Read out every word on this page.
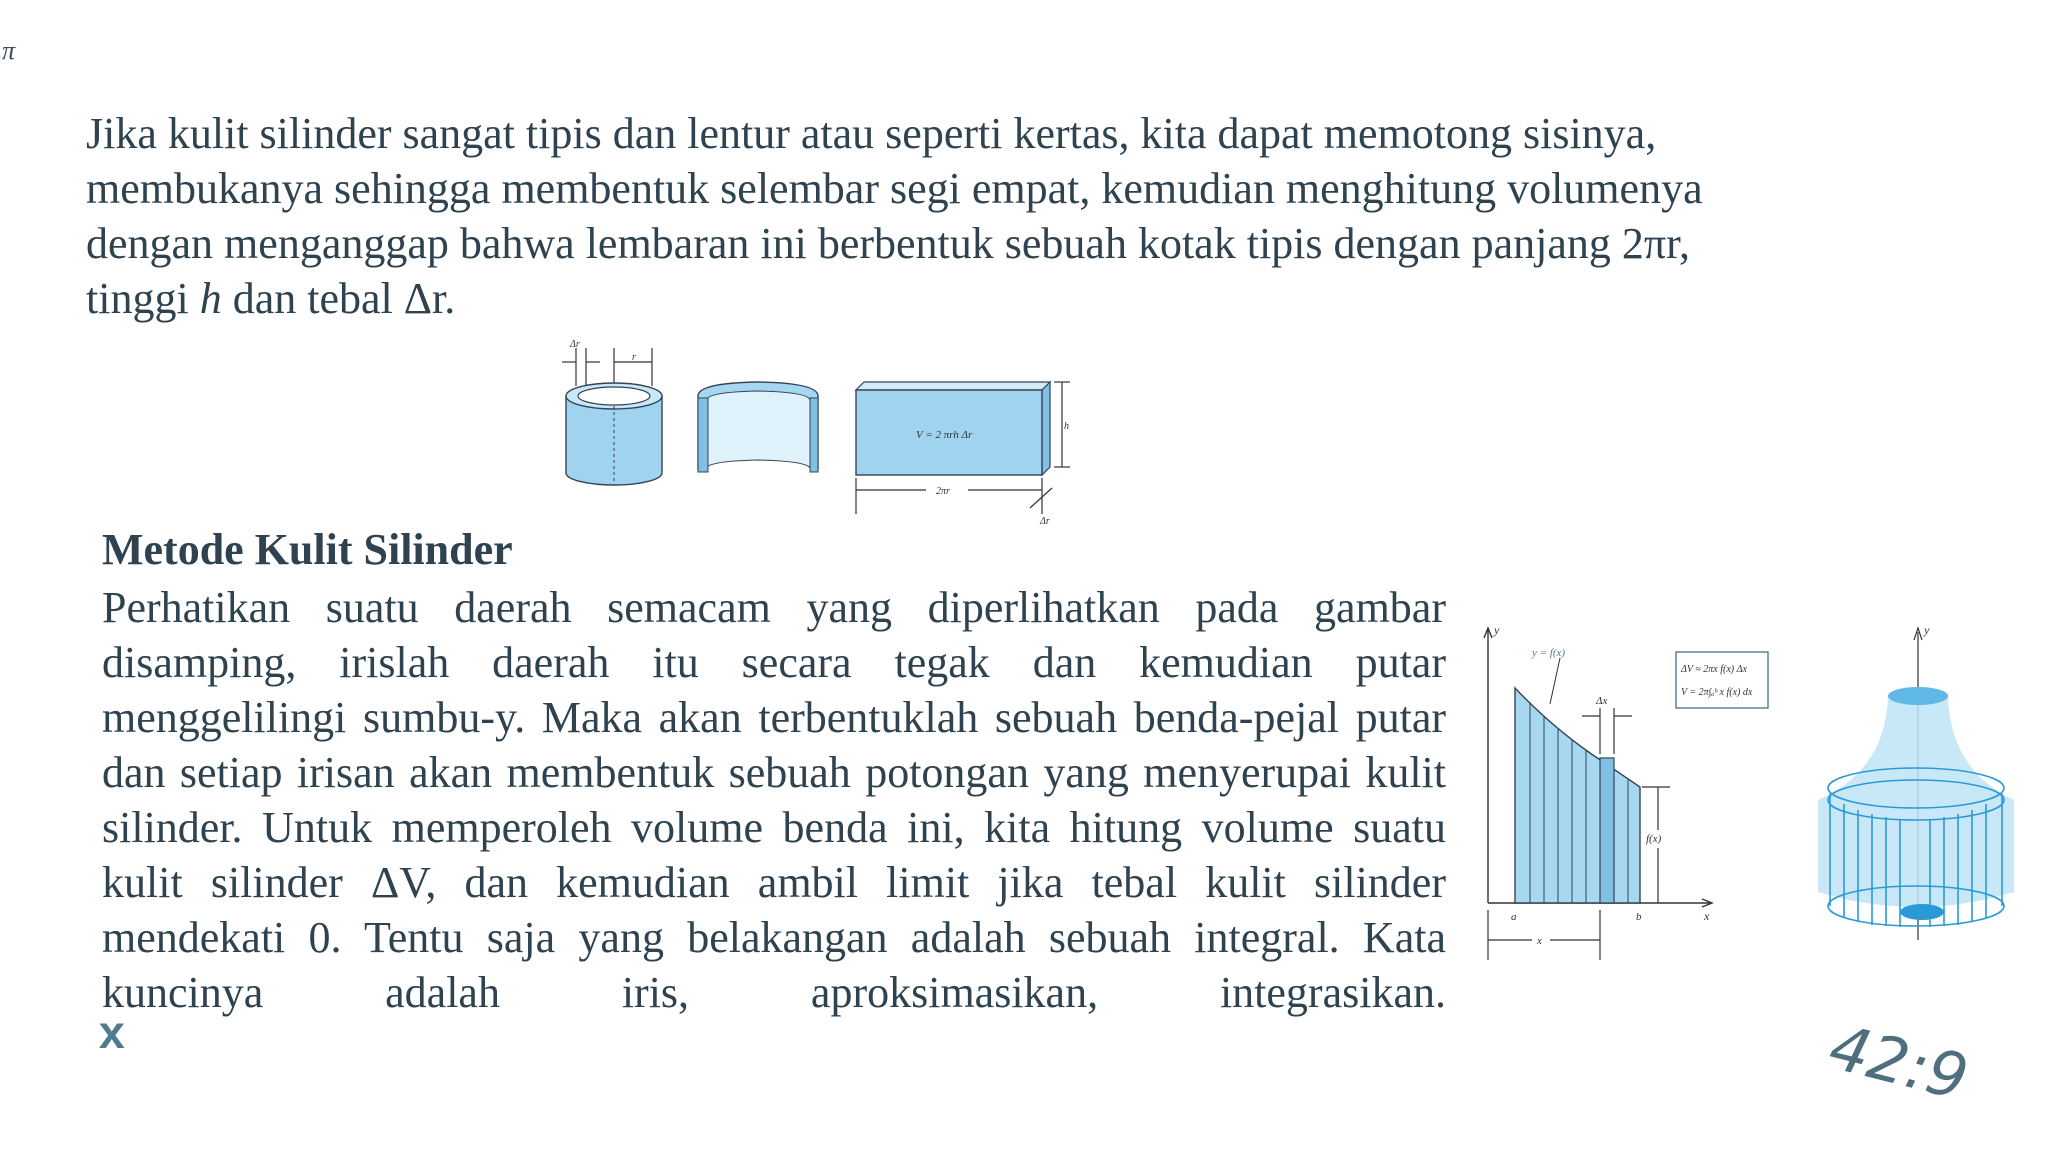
π

Jika kulit silinder sangat tipis dan lentur atau seperti kertas, kita dapat memotong sisinya,

membukanya sehingga membentuk selembar segi empat, kemudian menghitung volumenya

dengan menganggap bahwa lembaran ini berbentuk sebuah kotak tipis dengan panjang 2πr,

tinggi h dan tebal Δr.

Δr
r
V = 2 πrh Δr
h
2πr
Δr
Metode Kulit Silinder
Perhatikan suatu daerah semacam yang diperlihatkan pada gambar disamping, irislah daerah itu secara tegak dan kemudian putar menggelilingi sumbu-y. Maka akan terbentuklah sebuah benda-pejal putar dan setiap irisan akan membentuk sebuah potongan yang menyerupai kulit silinder. Untuk memperoleh volume benda ini, kita hitung volume suatu kulit silinder ΔV, dan kemudian ambil limit jika tebal kulit silinder mendekati 0. Tentu saja yang belakangan adalah sebuah integral. Kata kuncinya adalah iris, aproksimasikan, integrasikan.
x
y
x
y = f(x)
Δx
f(x)
a	b
x
ΔV ≈ 2πx f(x) Δx
V = 2π∫ₐᵇ x f(x) dx
y
42:9
